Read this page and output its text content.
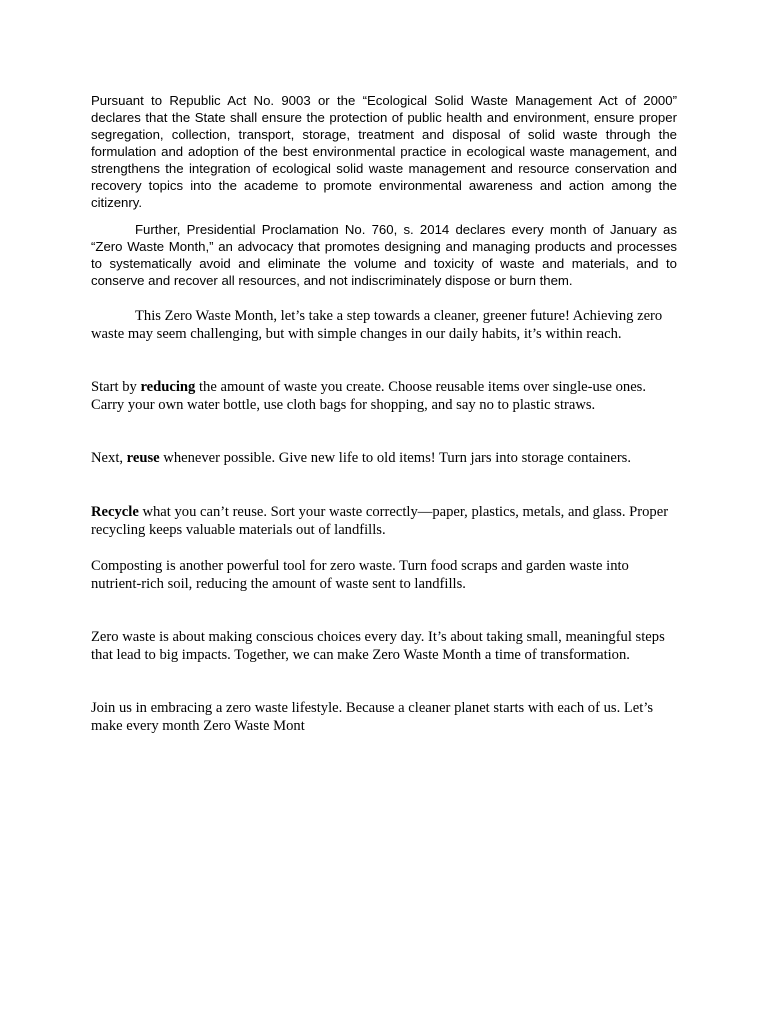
Pursuant to Republic Act No. 9003 or the “Ecological Solid Waste Management Act of 2000” declares that the State shall ensure the protection of public health and environment, ensure proper segregation, collection, transport, storage, treatment and disposal of solid waste through the formulation and adoption of the best environmental practice in ecological waste management, and strengthens the integration of ecological solid waste management and resource conservation and recovery topics into the academe to promote environmental awareness and action among the citizenry.

Further, Presidential Proclamation No. 760, s. 2014 declares every month of January as “Zero Waste Month,” an advocacy that promotes designing and managing products and processes to systematically avoid and eliminate the volume and toxicity of waste and materials, and to conserve and recover all resources, and not indiscriminately dispose or burn them.

This Zero Waste Month, let’s take a step towards a cleaner, greener future! Achieving zero waste may seem challenging, but with simple changes in our daily habits, it’s within reach.

Start by reducing the amount of waste you create. Choose reusable items over single-use ones. Carry your own water bottle, use cloth bags for shopping, and say no to plastic straws.

Next, reuse whenever possible. Give new life to old items! Turn jars into storage containers.

Recycle what you can’t reuse. Sort your waste correctly—paper, plastics, metals, and glass. Proper recycling keeps valuable materials out of landfills.

Composting is another powerful tool for zero waste. Turn food scraps and garden waste into nutrient-rich soil, reducing the amount of waste sent to landfills.

Zero waste is about making conscious choices every day. It’s about taking small, meaningful steps that lead to big impacts. Together, we can make Zero Waste Month a time of transformation.

Join us in embracing a zero waste lifestyle. Because a cleaner planet starts with each of us. Let’s make every month Zero Waste Mont
